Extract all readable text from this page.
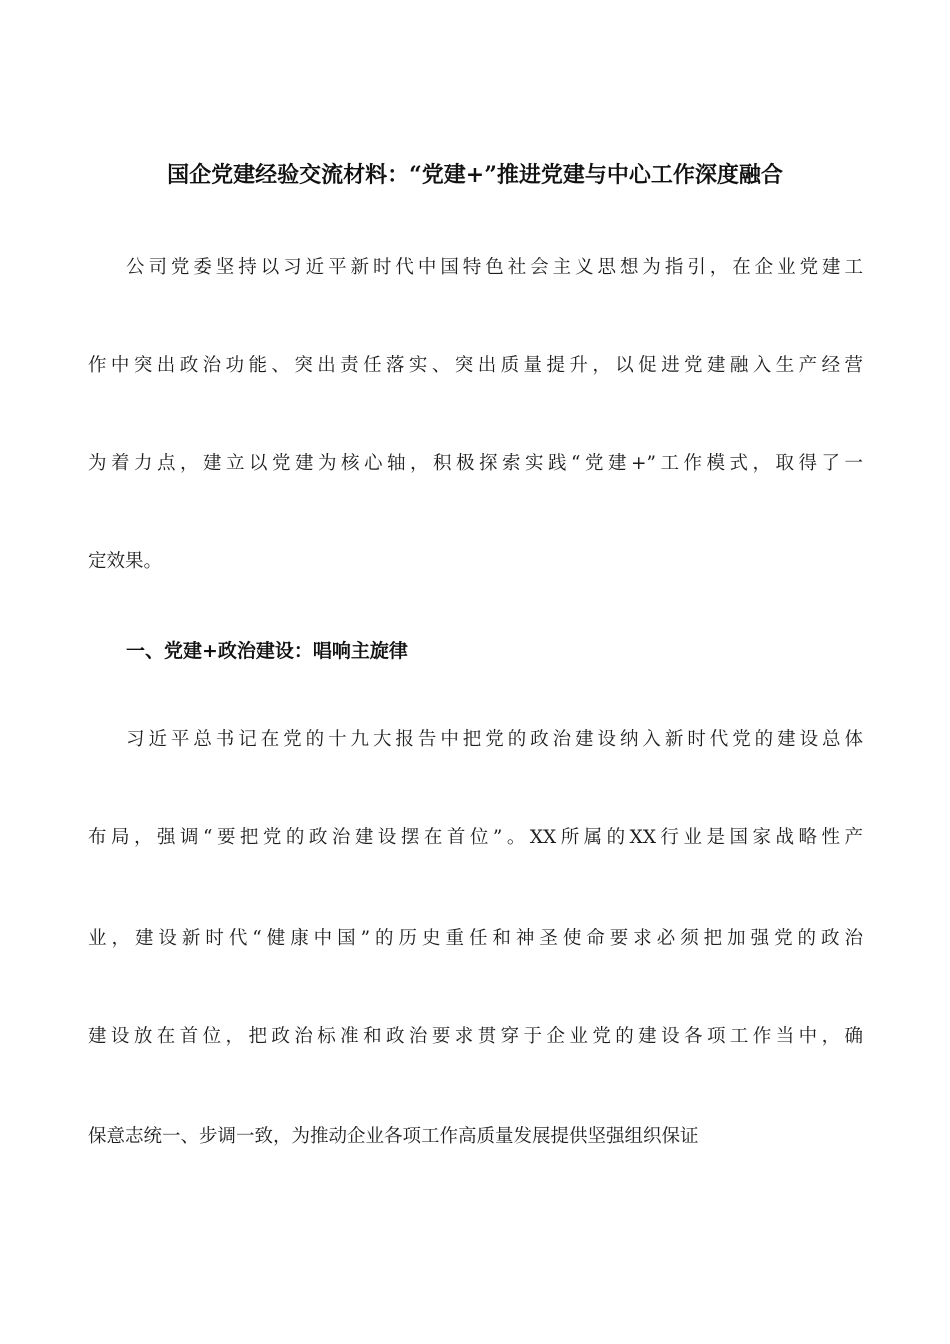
国企党建经验交流材料：“党建+”推进党建与中心工作深度融合

公司党委坚持以习近平新时代中国特色社会主义思想为指引，在企业党建工

作中突出政治功能、突出责任落实、突出质量提升，以促进党建融入生产经营

为着力点，建立以党建为核心轴，积极探索实践“党建+”工作模式，取得了一

定效果。

一、党建+政治建设：唱响主旋律

习近平总书记在党的十九大报告中把党的政治建设纳入新时代党的建设总体

布局，强调“要把党的政治建设摆在首位”。XX所属的XX行业是国家战略性产

业，建设新时代“健康中国”的历史重任和神圣使命要求必须把加强党的政治

建设放在首位，把政治标准和政治要求贯穿于企业党的建设各项工作当中，确

保意志统一、步调一致，为推动企业各项工作高质量发展提供坚强组织保证
